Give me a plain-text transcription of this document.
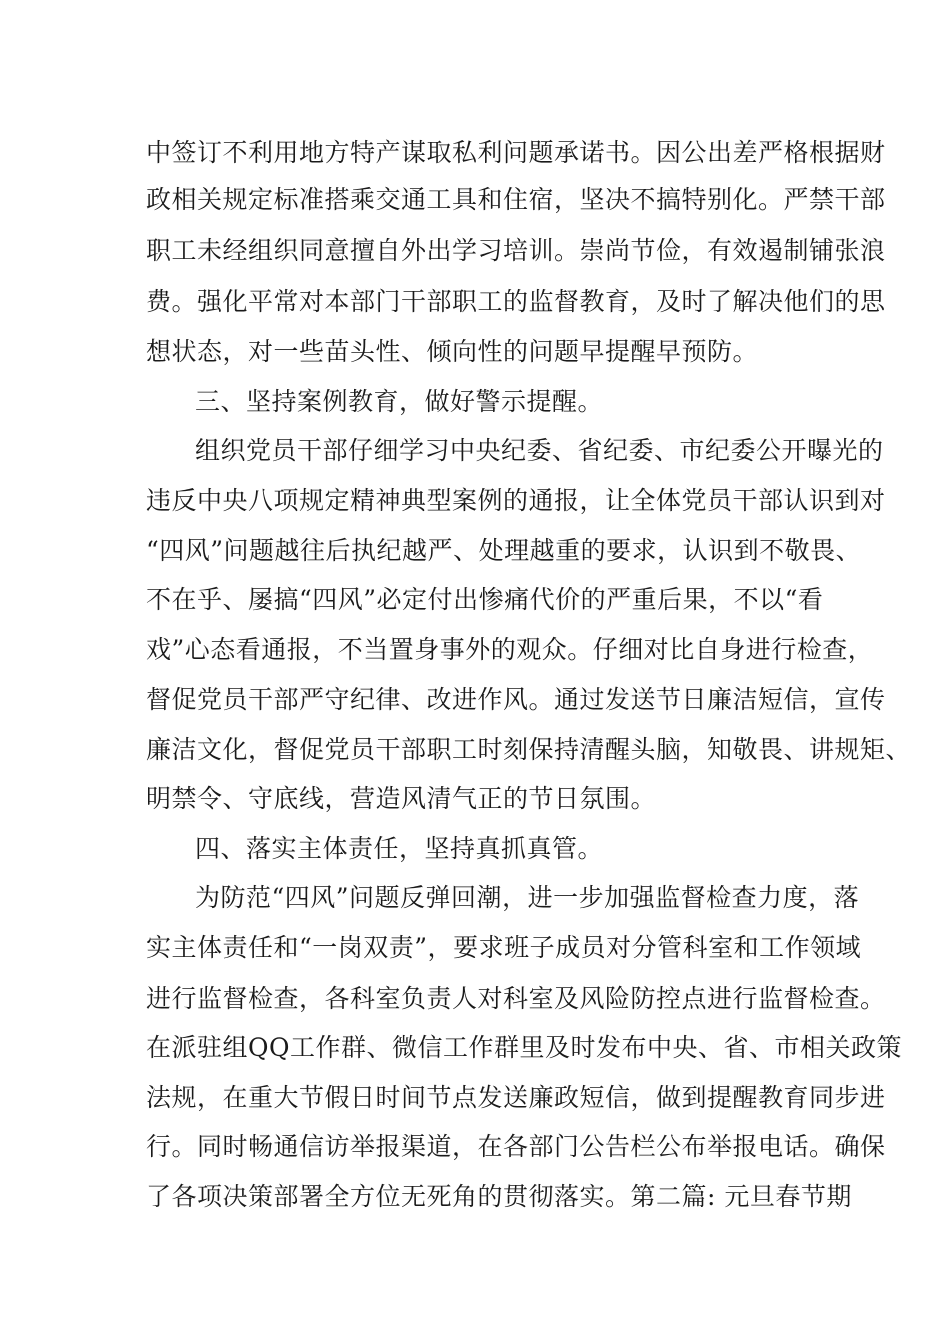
中签订不利用地方特产谋取私利问题承诺书。因公出差严格根据财
政相关规定标准搭乘交通工具和住宿，坚决不搞特别化。严禁干部
职工未经组织同意擅自外出学习培训。崇尚节俭，有效遏制铺张浪
费。强化平常对本部门干部职工的监督教育，及时了解决他们的思
想状态，对一些苗头性、倾向性的问题早提醒早预防。
三、坚持案例教育，做好警示提醒。
组织党员干部仔细学习中央纪委、省纪委、市纪委公开曝光的
违反中央八项规定精神典型案例的通报，让全体党员干部认识到对
“四风”问题越往后执纪越严、处理越重的要求，认识到不敬畏、
不在乎、屡搞“四风”必定付出惨痛代价的严重后果，不以“看
戏”心态看通报，不当置身事外的观众。仔细对比自身进行检查，
督促党员干部严守纪律、改进作风。通过发送节日廉洁短信，宣传
廉洁文化，督促党员干部职工时刻保持清醒头脑，知敬畏、讲规矩、
明禁令、守底线，营造风清气正的节日氛围。
四、落实主体责任，坚持真抓真管。
为防范“四风”问题反弹回潮，进一步加强监督检查力度，落
实主体责任和“一岗双责”，要求班子成员对分管科室和工作领域
进行监督检查，各科室负责人对科室及风险防控点进行监督检查。
在派驻组QQ工作群、微信工作群里及时发布中央、省、市相关政策
法规，在重大节假日时间节点发送廉政短信，做到提醒教育同步进
行。同时畅通信访举报渠道，在各部门公告栏公布举报电话。确保
了各项决策部署全方位无死角的贯彻落实。第二篇: 元旦春节期
